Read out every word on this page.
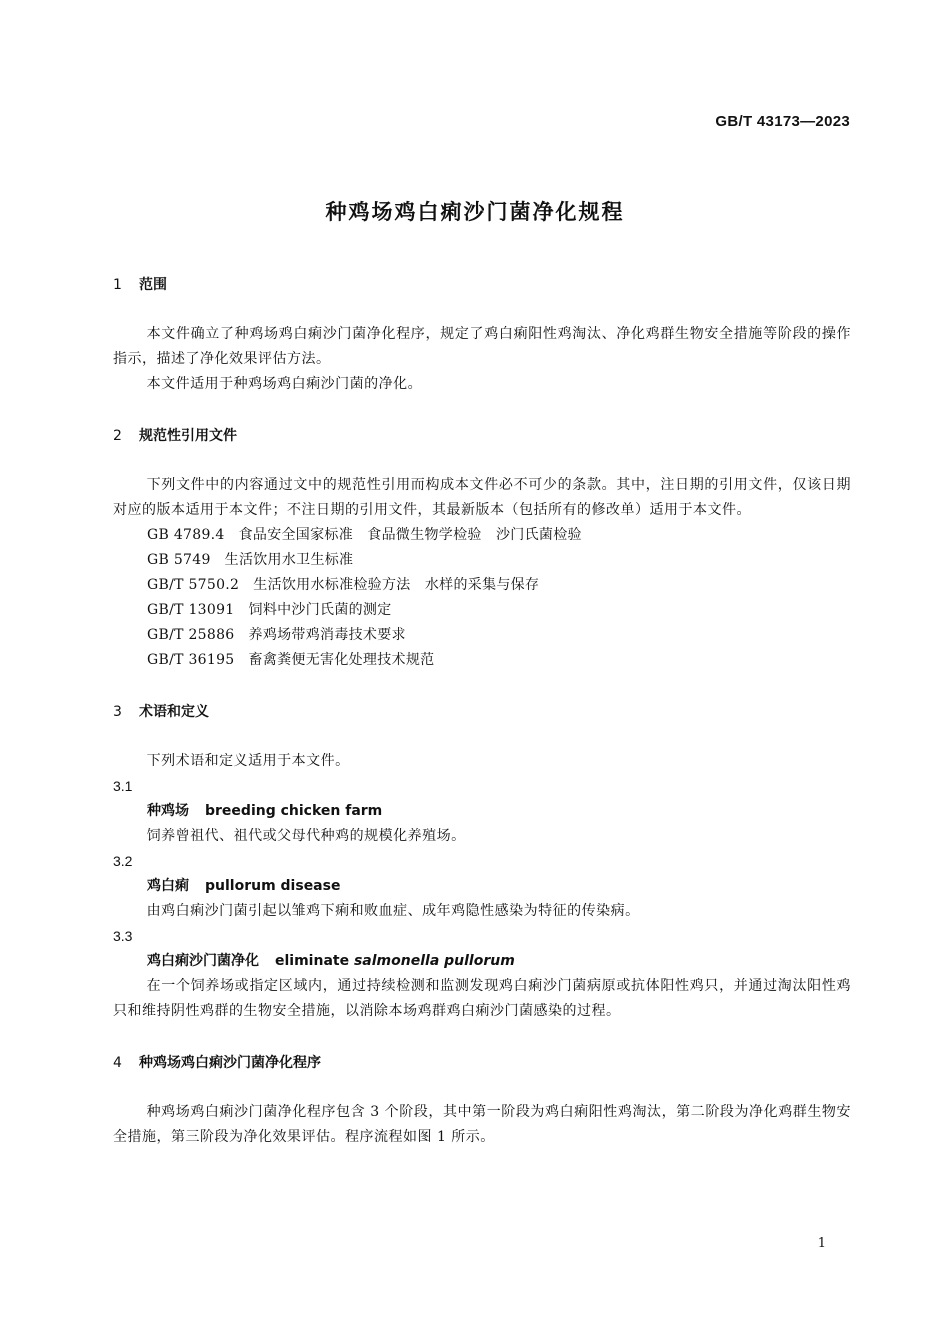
GB/T 43173—2023
种鸡场鸡白痢沙门菌净化规程
1 范围

本文件确立了种鸡场鸡白痢沙门菌净化程序，规定了鸡白痢阳性鸡淘汰、净化鸡群生物安全措施等阶段的操作指示，描述了净化效果评估方法。

本文件适用于种鸡场鸡白痢沙门菌的净化。

2 规范性引用文件

下列文件中的内容通过文中的规范性引用而构成本文件必不可少的条款。其中，注日期的引用文件，仅该日期对应的版本适用于本文件；不注日期的引用文件，其最新版本（包括所有的修改单）适用于本文件。

GB 4789.4 食品安全国家标准　食品微生物学检验　沙门氏菌检验

GB 5749 生活饮用水卫生标准

GB/T 5750.2 生活饮用水标准检验方法　水样的采集与保存

GB/T 13091 饲料中沙门氏菌的测定

GB/T 25886 养鸡场带鸡消毒技术要求

GB/T 36195 畜禽粪便无害化处理技术规范

3 术语和定义

下列术语和定义适用于本文件。

3.1

种鸡场 breeding chicken farm

饲养曾祖代、祖代或父母代种鸡的规模化养殖场。

3.2

鸡白痢 pullorum disease

由鸡白痢沙门菌引起以雏鸡下痢和败血症、成年鸡隐性感染为特征的传染病。

3.3

鸡白痢沙门菌净化 eliminate salmonella pullorum

在一个饲养场或指定区域内，通过持续检测和监测发现鸡白痢沙门菌病原或抗体阳性鸡只，并通过淘汰阳性鸡只和维持阴性鸡群的生物安全措施，以消除本场鸡群鸡白痢沙门菌感染的过程。

4 种鸡场鸡白痢沙门菌净化程序

种鸡场鸡白痢沙门菌净化程序包含 3 个阶段，其中第一阶段为鸡白痢阳性鸡淘汰，第二阶段为净化鸡群生物安全措施，第三阶段为净化效果评估。程序流程如图 1 所示。

1
